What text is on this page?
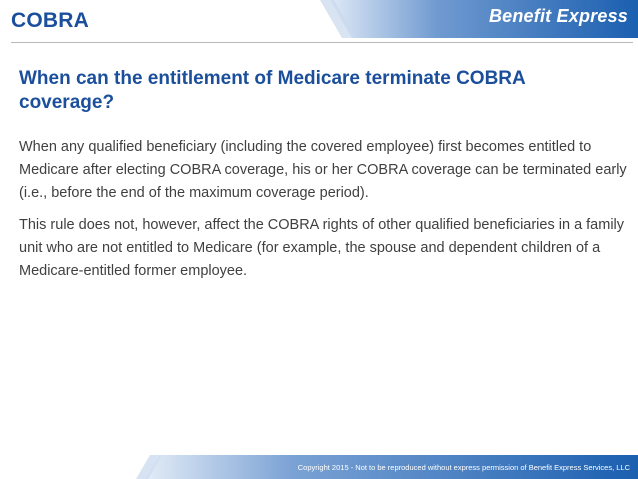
Benefit Express
COBRA
When can the entitlement of Medicare terminate COBRA coverage?

When any qualified beneficiary (including the covered employee) first becomes entitled to Medicare after electing COBRA coverage, his or her COBRA coverage can be terminated early (i.e., before the end of the maximum coverage period).

This rule does not, however, affect the COBRA rights of other qualified beneficiaries in a family unit who are not entitled to Medicare (for example, the spouse and dependent children of a Medicare-entitled former employee.

Copyright 2015 - Not to be reproduced without express permission of Benefit Express Services, LLC
